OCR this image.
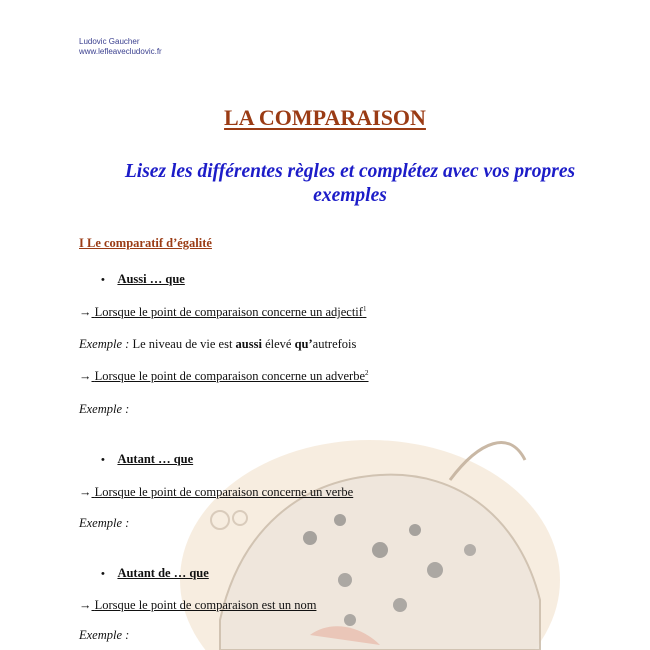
Ludovic Gaucher
www.lefleavecludovic.fr
LA COMPARAISON
Lisez les différentes règles et complétez avec vos propres exemples
I Le comparatif d’égalité
• Aussi … que
→ Lorsque le point de comparaison concerne un adjectif$^1$
Exemple : Le niveau de vie est aussi élevé qu’autrefois
→ Lorsque le point de comparaison concerne un adverbe$^2$
Exemple :
• Autant … que
→ Lorsque le point de comparaison concerne un verbe
Exemple :
• Autant de … que
→ Lorsque le point de comparaison est un nom
Exemple :
